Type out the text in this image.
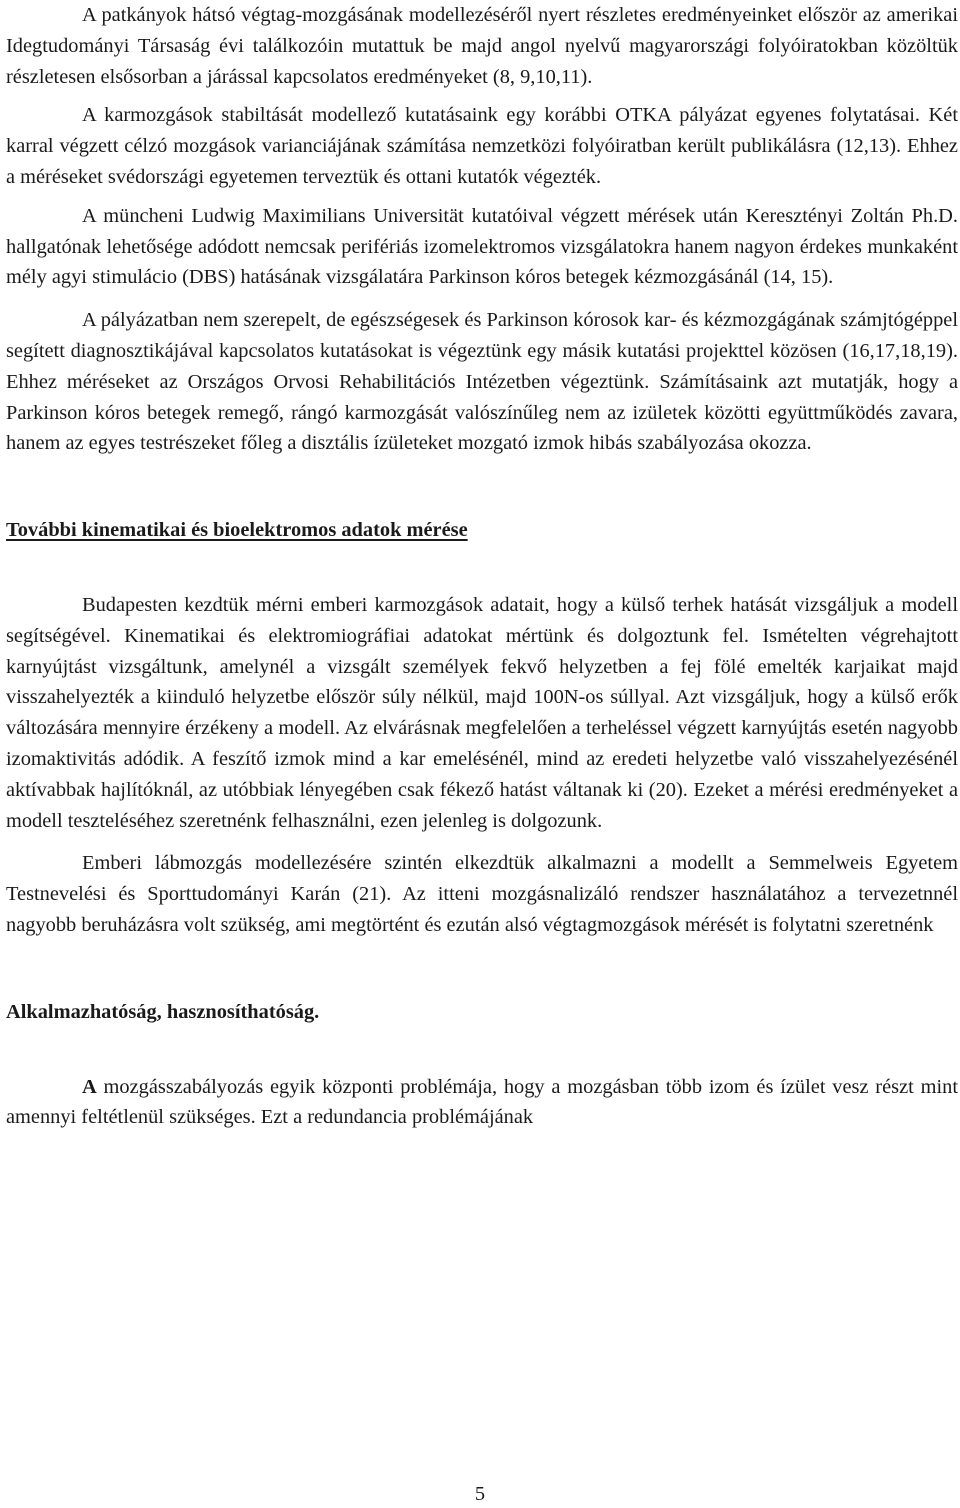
A patkányok hátsó végtag-mozgásának modellezéséről nyert részletes eredményeinket először az amerikai Idegtudományi Társaság évi találkozóin mutattuk be majd angol nyelvű magyarországi folyóiratokban közöltük részletesen elsősorban a járással kapcsolatos eredményeket (8, 9,10,11).

A karmozgások stabiltását modellező kutatásaink egy korábbi OTKA pályázat egyenes folytatásai. Két karral végzett célzó mozgások varianciájának számítása nemzetközi folyóiratban került publikálásra (12,13). Ehhez a méréseket svédországi egyetemen terveztük és ottani kutatók végezték.

A müncheni Ludwig Maximilians Universität kutatóival végzett mérések után Keresztényi Zoltán Ph.D. hallgatónak lehetősége adódott nemcsak perifériás izomelektromos vizsgálatokra hanem nagyon érdekes munkaként mély agyi stimulácio (DBS) hatásának vizsgálatára Parkinson kóros betegek kézmozgásánál (14, 15).

A pályázatban nem szerepelt, de egészségesek és Parkinson kórosok kar- és kézmozgágának számjtógéppel segített diagnosztikájával kapcsolatos kutatásokat is végeztünk egy másik kutatási projekttel közösen (16,17,18,19). Ehhez méréseket az Országos Orvosi Rehabilitációs Intézetben végeztünk. Számításaink azt mutatják, hogy a Parkinson kóros betegek remegő, rángó karmozgását valószínűleg nem az izületek közötti együttműködés zavara, hanem az egyes testrészeket főleg a disztális ízületeket mozgató izmok hibás szabályozása okozza.

További kinematikai és bioelektromos adatok mérése

Budapesten kezdtük mérni emberi karmozgások adatait, hogy a külső terhek hatását vizsgáljuk a modell segítségével. Kinematikai és elektromiográfiai adatokat mértünk és dolgoztunk fel. Ismételten végrehajtott karnyújtást vizsgáltunk, amelynél a vizsgált személyek fekvő helyzetben a fej fölé emelték karjaikat majd visszahelyezték a kiinduló helyzetbe először súly nélkül, majd 100N-os súllyal. Azt vizsgáljuk, hogy a külső erők változására mennyire érzékeny a modell. Az elvárásnak megfelelően a terheléssel végzett karnyújtás esetén nagyobb izomaktivitás adódik. A feszítő izmok mind a kar emelésénél, mind az eredeti helyzetbe való visszahelyezésénél aktívabbak hajlítóknál, az utóbbiak lényegében csak fékező hatást váltanak ki (20). Ezeket a mérési eredményeket a modell teszteléséhez szeretnénk felhasználni, ezen jelenleg is dolgozunk.

Emberi lábmozgás modellezésére szintén elkezdtük alkalmazni a modellt a Semmelweis Egyetem Testnevelési és Sporttudományi Karán (21). Az itteni mozgásnalizáló rendszer használatához a tervezetnnél nagyobb beruházásra volt szükség, ami megtörtént és ezután alsó végtagmozgások mérését is folytatni szeretnénk

Alkalmazhatóság, hasznosíthatóság.

A mozgásszabályozás egyik központi problémája, hogy a mozgásban több izom és ízület vesz részt mint amennyi feltétlenül szükséges. Ezt a redundancia problémájának

5
